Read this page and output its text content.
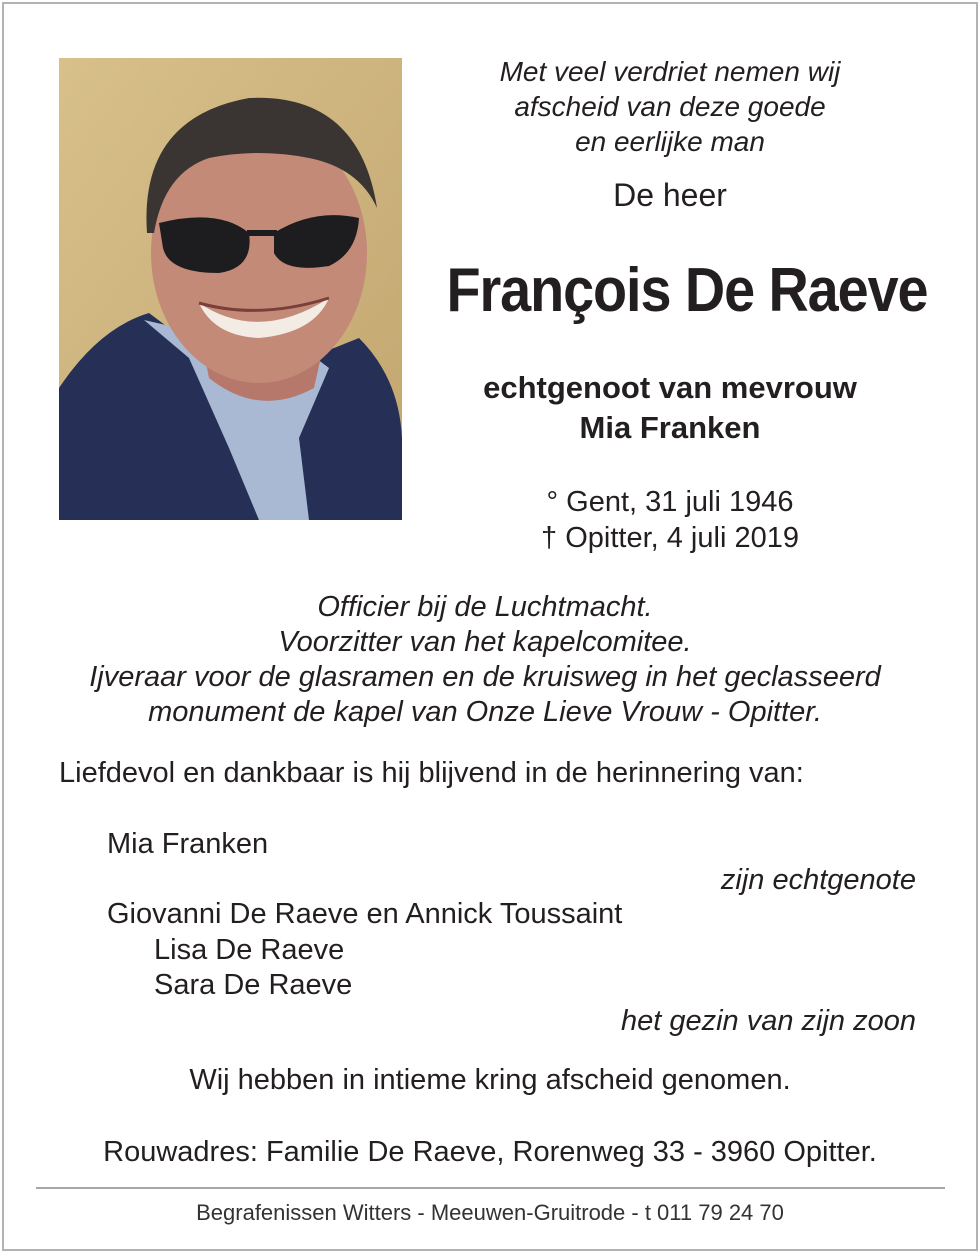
Met veel verdriet nemen wij
afscheid van deze goede
en eerlijke man
De heer
François De Raeve
echtgenoot van mevrouw
Mia Franken
° Gent, 31 juli 1946
† Opitter, 4 juli 2019
Officier bij de Luchtmacht.
Voorzitter van het kapelcomitee.
Ijveraar voor de glasramen en de kruisweg in het geclasseerd
monument de kapel van Onze Lieve Vrouw - Opitter.
Liefdevol en dankbaar is hij blijvend in de herinnering van:
Mia Franken
zijn echtgenote
Giovanni De Raeve en Annick Toussaint
Lisa De Raeve
Sara De Raeve
het gezin van zijn zoon
Wij hebben in intieme kring afscheid genomen.
Rouwadres: Familie De Raeve, Rorenweg 33 - 3960 Opitter.
Begrafenissen Witters - Meeuwen-Gruitrode - t 011 79 24 70
